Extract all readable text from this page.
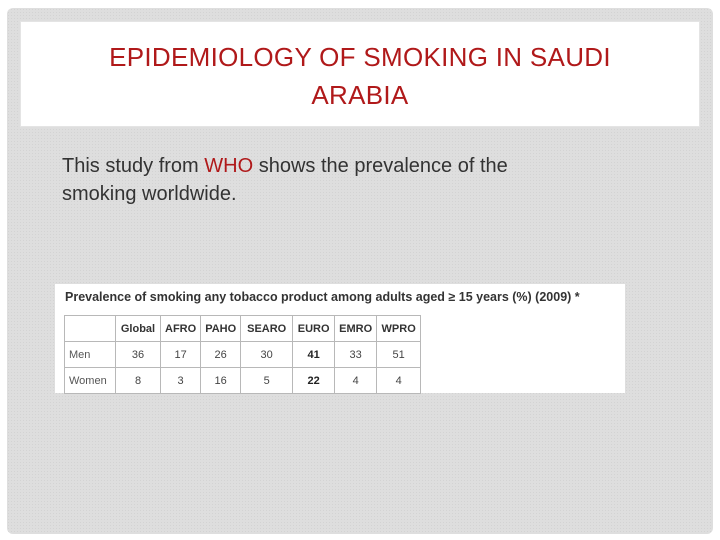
EPIDEMIOLOGY OF SMOKING IN SAUDI
ARABIA
This study from WHO shows the prevalence of the
smoking worldwide.
Prevalence of smoking any tobacco product among adults aged ≥ 15 years (%) (2009) *
	Global	AFRO	PAHO	SEARO	EURO	EMRO	WPRO
Men	36	17	26	30	41	33	51
Women	8	3	16	5	22	4	4
